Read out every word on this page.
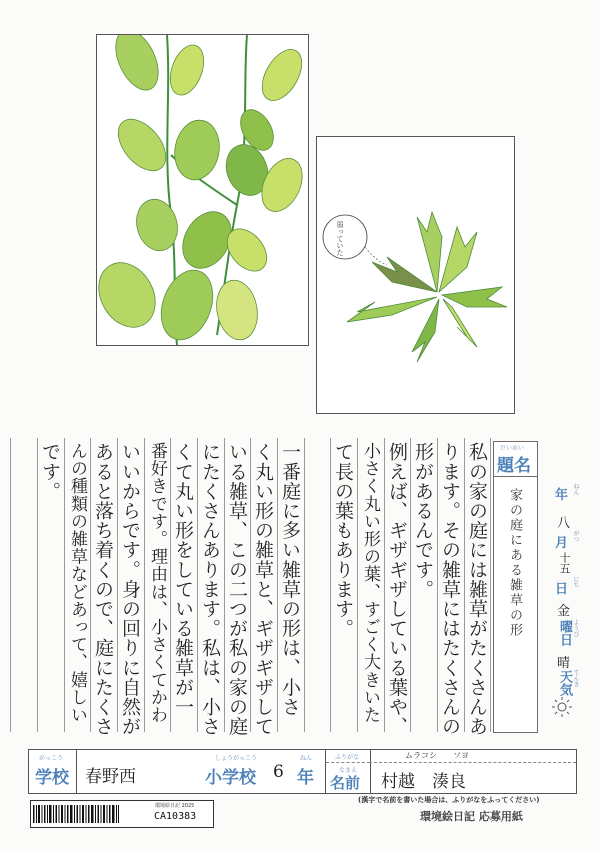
弱っていた
年 ねん
八
月 がつ
十五
日 にち
金
曜日 ようび
晴
天気 てんき
だいめい
題名
家の庭にある雑草の形
私の家の庭には雑草がたくさんあ
ります。その雑草にはたくさんの
形があるんです。
例えば、ギザギザしている葉や、
小さく丸い形の葉、すごく大きいた
て長の葉もあります。
一番庭に多い雑草の形は、小さ
く丸い形の雑草と、ギザギザして
いる雑草、この二つが私の家の庭
にたくさんあります。私は、小さ
くて丸い形をしている雑草が一
番好きです。理由は、小さくてかわ
いいからです。身の回りに自然が
あると落ち着くので、庭にたくさ
んの種類の雑草などあって、嬉しい
です。
がっこう
学校 春野西
しょうがっこう
小学校 6
ねん
年
ふりがな
なまえ
名前
ムラコシ　　ソヨ
村越　湊良
(漢字で名前を書いた場合は、ふりがなをふってください)
環境絵日記 2025
CA10383	環境絵日記 応募用紙
